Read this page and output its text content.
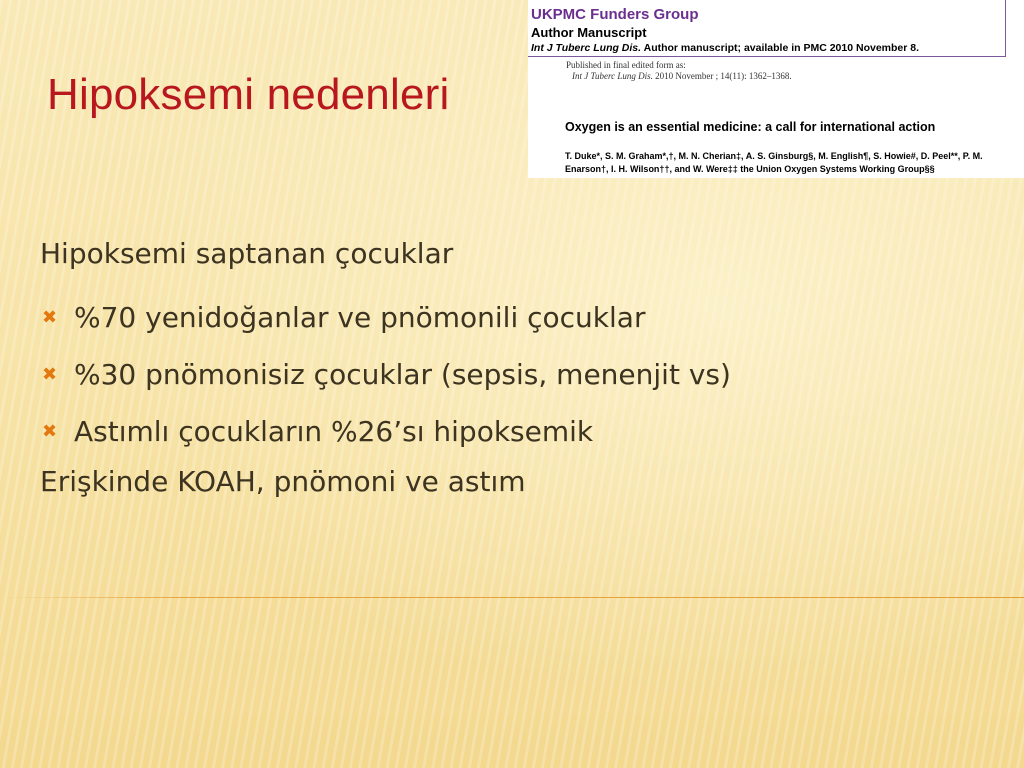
Hipoksemi nedenleri
UKPMC Funders Group
Author Manuscript
Int J Tuberc Lung Dis. Author manuscript; available in PMC 2010 November 8.
Published in final edited form as:
Int J Tuberc Lung Dis. 2010 November ; 14(11): 1362–1368.
Oxygen is an essential medicine: a call for international action
T. Duke*, S. M. Graham*,†, M. N. Cherian‡, A. S. Ginsburg§, M. English¶, S. Howie#, D. Peel**, P. M. Enarson†, I. H. Wilson††, and W. Were‡‡ the Union Oxygen Systems Working Group§§
Hipoksemi saptanan çocuklar
✖ %70 yenidoğanlar ve pnömonili çocuklar
✖ %30 pnömonisiz çocuklar (sepsis, menenjit vs)
✖ Astımlı çocukların %26’sı hipoksemik
Erişkinde KOAH, pnömoni ve astım
